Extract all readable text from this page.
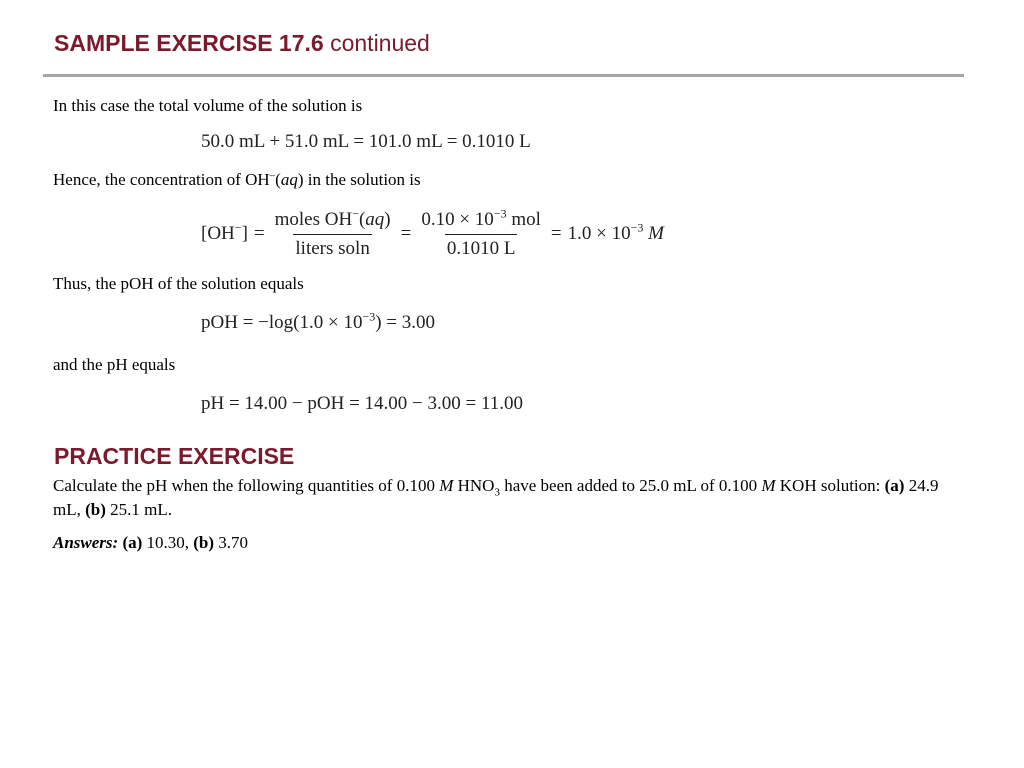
SAMPLE EXERCISE 17.6 continued
In this case the total volume of the solution is
50.0 mL + 51.0 mL = 101.0 mL = 0.1010 L
Hence, the concentration of OH–(aq) in the solution is
$[OH^-] = \frac{moles OH^-(aq)}{\text{liters soln}} = \frac{0.10 \times 10^{-3} mol}{0.1010 L} = 1.0 \times 10^{-3}$ M
Thus, the pOH of the solution equals
pOH = $-\log(1.0 \times 10^{-3}) = 3.00$
and the pH equals
pH = 14.00 − pOH = 14.00 − 3.00 = 11.00
PRACTICE EXERCISE
Calculate the pH when the following quantities of 0.100 M $HNO_3$ have been added to 25.0 mL of 0.100 M KOH solution: (a) 24.9 mL, (b) 25.1 mL.
Answers: (a) 10.30, (b) 3.70
